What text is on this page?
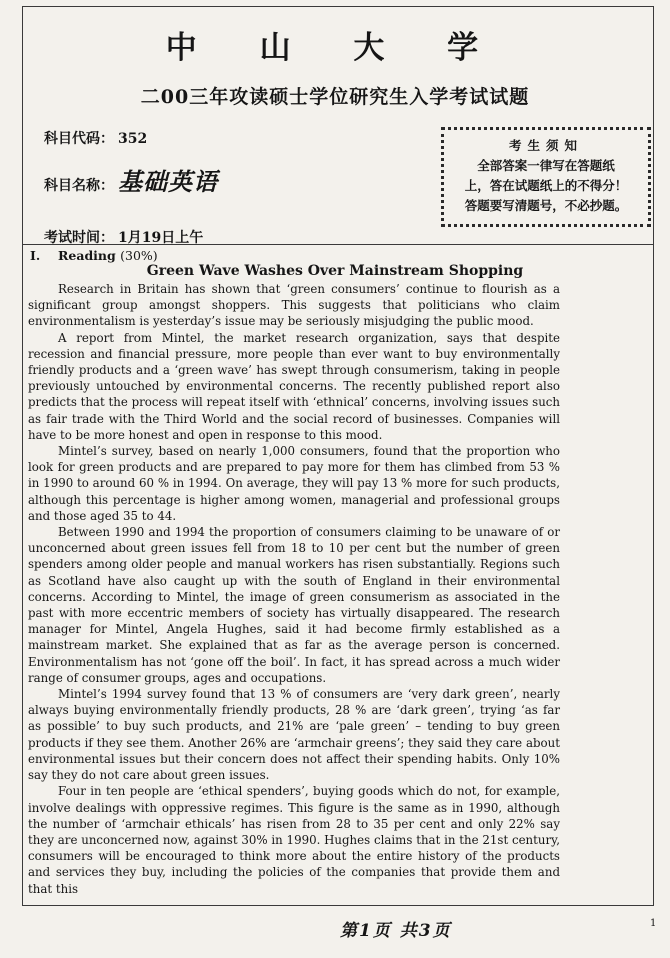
中 山 大 学
二00三年攻读硕士学位研究生入学考试试题
科目代码： 352
科目名称： 基础英语
考试时间： 1月19日上午
考生须知
全部答案一律写在答题纸
上，答在试题纸上的不得分！
答题要写清题号，不必抄题。
I. Reading (30%)
Green Wave Washes Over Mainstream Shopping

Research in Britain has shown that ‘green consumers’ continue to flourish as a significant group amongst shoppers. This suggests that politicians who claim environmentalism is yesterday’s issue may be seriously misjudging the public mood.

A report from Mintel, the market research organization, says that despite recession and financial pressure, more people than ever want to buy environmentally friendly products and a ‘green wave’ has swept through consumerism, taking in people previously untouched by environmental concerns. The recently published report also predicts that the process will repeat itself with ‘ethnical’ concerns, involving issues such as fair trade with the Third World and the social record of businesses. Companies will have to be more honest and open in response to this mood.

Mintel’s survey, based on nearly 1,000 consumers, found that the proportion who look for green products and are prepared to pay more for them has climbed from 53 % in 1990 to around 60 % in 1994. On average, they will pay 13 % more for such products, although this percentage is higher among women, managerial and professional groups and those aged 35 to 44.

Between 1990 and 1994 the proportion of consumers claiming to be unaware of or unconcerned about green issues fell from 18 to 10 per cent but the number of green spenders among older people and manual workers has risen substantially. Regions such as Scotland have also caught up with the south of England in their environmental concerns. According to Mintel, the image of green consumerism as associated in the past with more eccentric members of society has virtually disappeared. The research manager for Mintel, Angela Hughes, said it had become firmly established as a mainstream market. She explained that as far as the average person is concerned. Environmentalism has not ‘gone off the boil’. In fact, it has spread across a much wider range of consumer groups, ages and occupations.

Mintel’s 1994 survey found that 13 % of consumers are ‘very dark green’, nearly always buying environmentally friendly products, 28 % are ‘dark green’, trying ‘as far as possible’ to buy such products, and 21% are ‘pale green’ – tending to buy green products if they see them. Another 26% are ‘armchair greens’; they said they care about environmental issues but their concern does not affect their spending habits. Only 10% say they do not care about green issues.

Four in ten people are ‘ethical spenders’, buying goods which do not, for example, involve dealings with oppressive regimes. This figure is the same as in 1990, although the number of ‘armchair ethicals’ has risen from 28 to 35 per cent and only 22% say they are unconcerned now, against 30% in 1990. Hughes claims that in the 21st century, consumers will be encouraged to think more about the entire history of the products and services they buy, including the policies of the companies that provide them and that this

第1页 共3页	1
